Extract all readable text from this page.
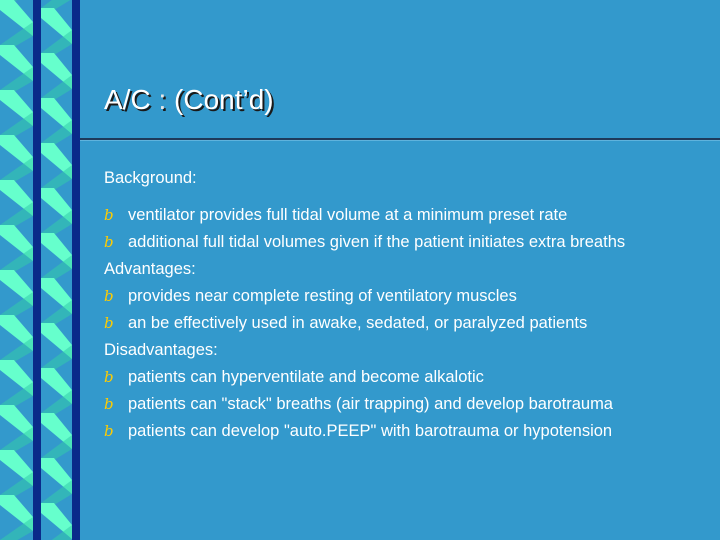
A/C : (Cont’d)
Background:
b ventilator provides full tidal volume at a minimum preset rate
b additional full tidal volumes given if the patient initiates extra breaths
Advantages:
b provides near complete resting of ventilatory muscles
b an be effectively used in awake, sedated, or paralyzed patients
Disadvantages:
b patients can hyperventilate and become alkalotic
b patients can "stack" breaths (air trapping) and develop barotrauma
b patients can develop "auto.PEEP" with barotrauma or hypotension
